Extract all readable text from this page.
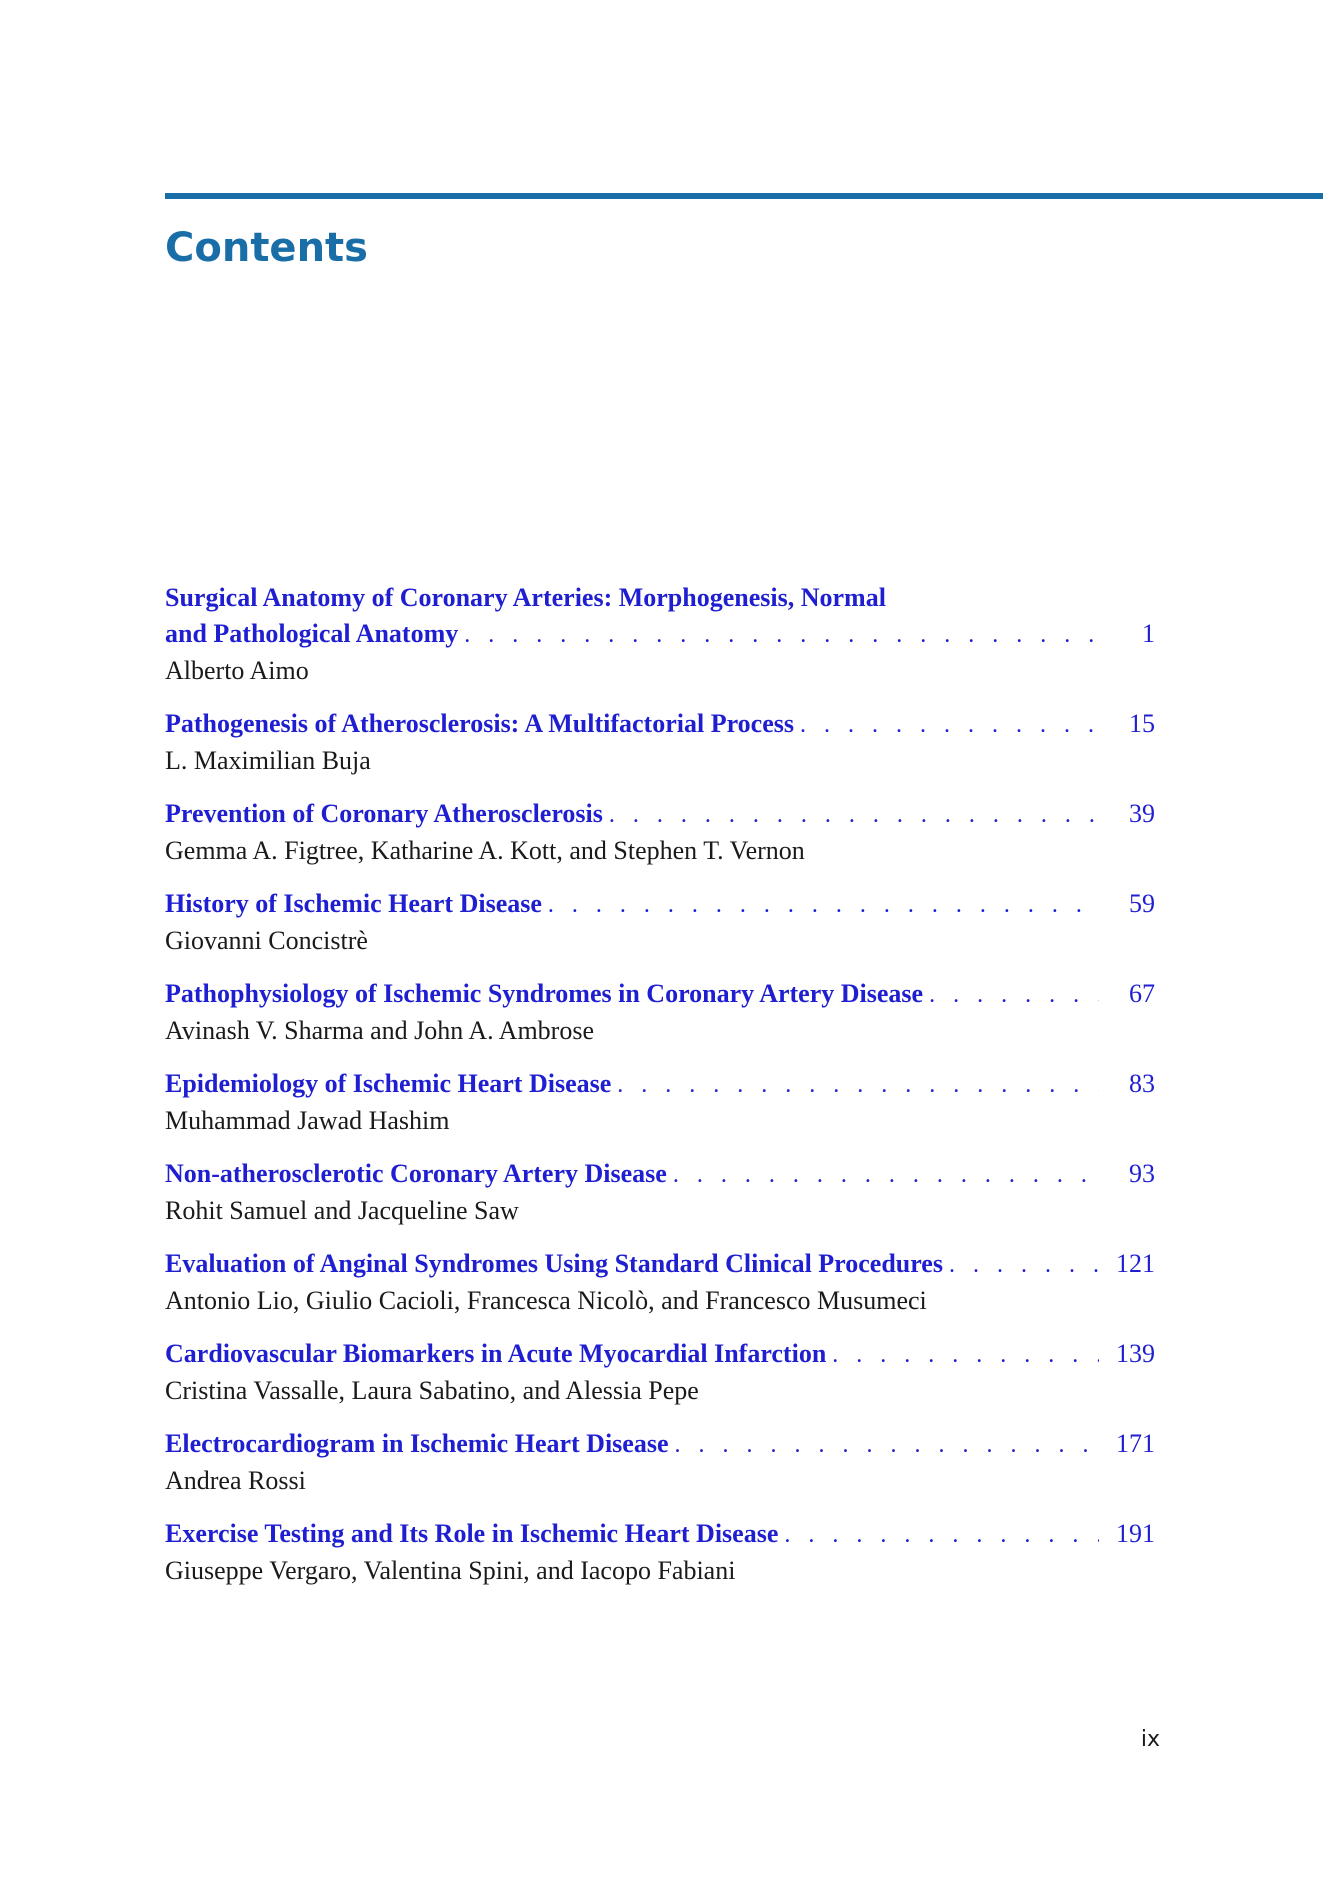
Contents
Surgical Anatomy of Coronary Arteries: Morphogenesis, Normal
and Pathological Anatomy . . .	1
Alberto Aimo
Pathogenesis of Atherosclerosis: A Multifactorial Process . . .	15
L. Maximilian Buja
Prevention of Coronary Atherosclerosis . . .	39
Gemma A. Figtree, Katharine A. Kott, and Stephen T. Vernon
History of Ischemic Heart Disease . . .	59
Giovanni Concistrè
Pathophysiology of Ischemic Syndromes in Coronary Artery Disease . . .	67
Avinash V. Sharma and John A. Ambrose
Epidemiology of Ischemic Heart Disease . . .	83
Muhammad Jawad Hashim
Non-atherosclerotic Coronary Artery Disease . . .	93
Rohit Samuel and Jacqueline Saw
Evaluation of Anginal Syndromes Using Standard Clinical Procedures . . .	121
Antonio Lio, Giulio Cacioli, Francesca Nicolò, and Francesco Musumeci
Cardiovascular Biomarkers in Acute Myocardial Infarction . . .	139
Cristina Vassalle, Laura Sabatino, and Alessia Pepe
Electrocardiogram in Ischemic Heart Disease . . .	171
Andrea Rossi
Exercise Testing and Its Role in Ischemic Heart Disease . . .	191
Giuseppe Vergaro, Valentina Spini, and Iacopo Fabiani
ix
